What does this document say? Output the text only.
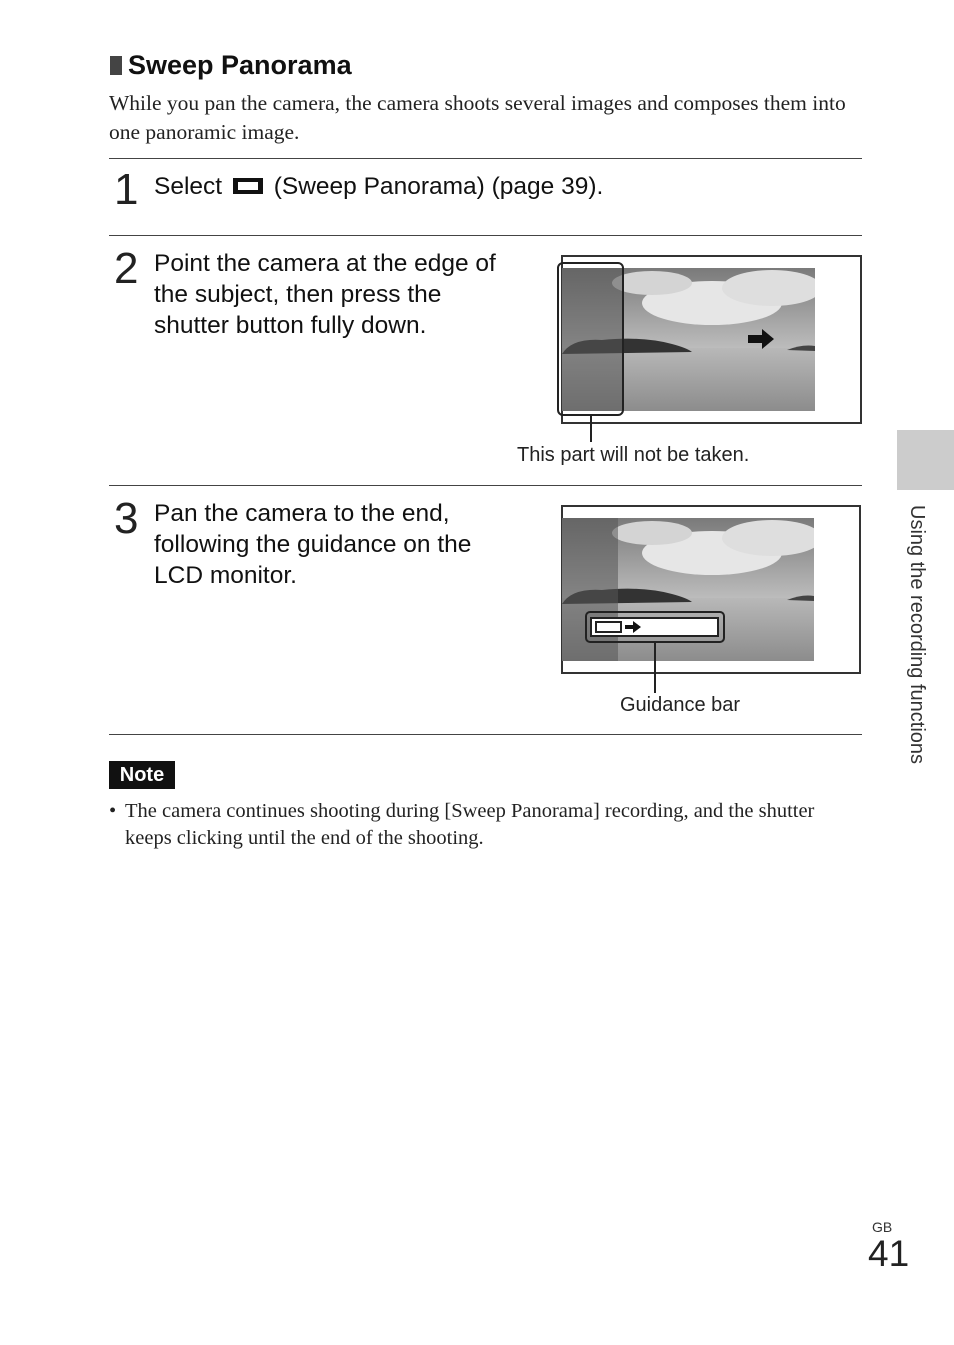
Sweep Panorama
While you pan the camera, the camera shoots several images and composes them into one panoramic image.
1 Select (Sweep Panorama) (page 39).
2 Point the camera at the edge of the subject, then press the shutter button fully down.
This part will not be taken.
3 Pan the camera to the end, following the guidance on the LCD monitor.
Guidance bar
Note
• The camera continues shooting during [Sweep Panorama] recording, and the shutter keeps clicking until the end of the shooting.
Using the recording functions
GB
41
